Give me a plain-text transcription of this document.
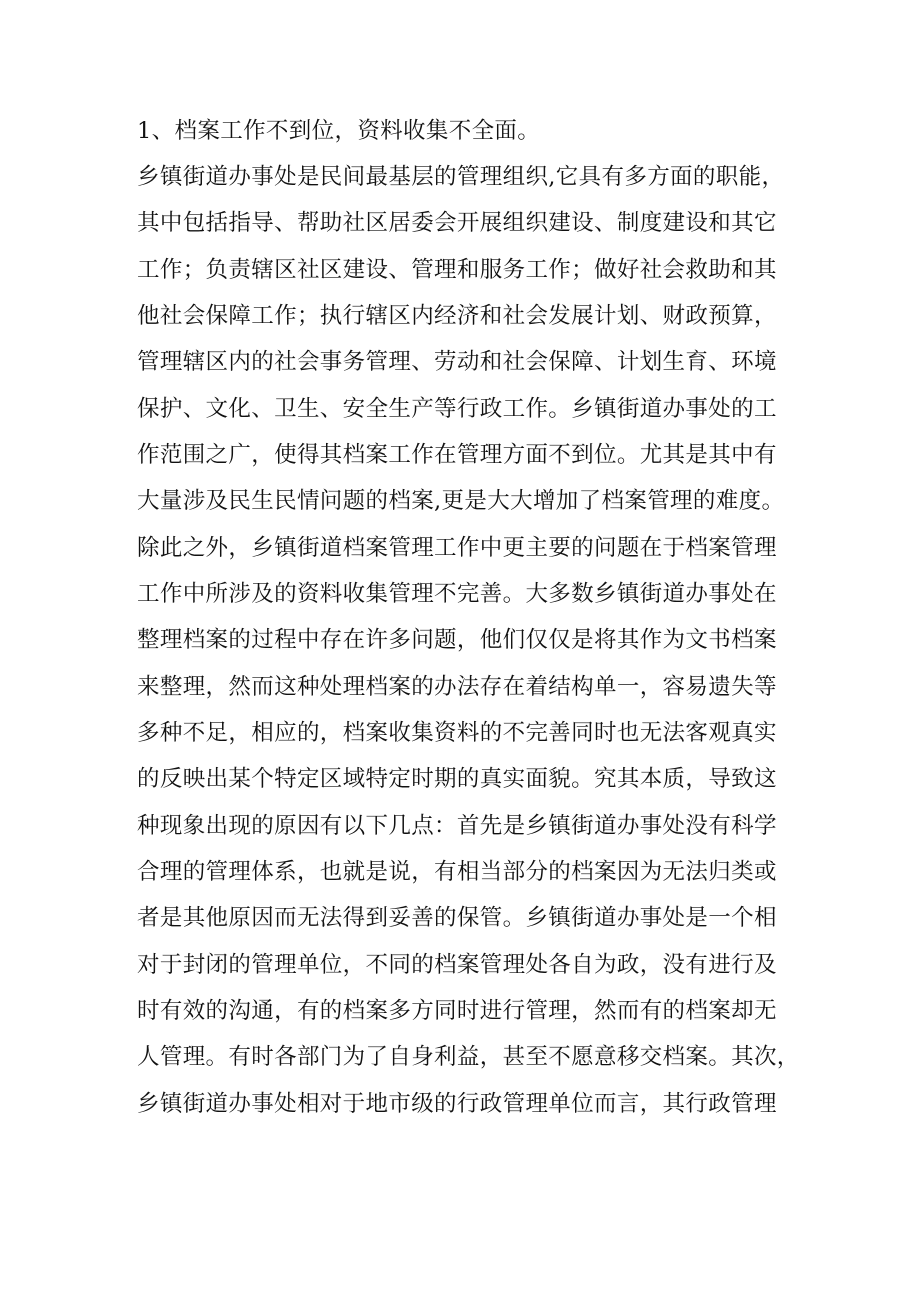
1、档案工作不到位，资料收集不全面。
乡镇街道办事处是民间最基层的管理组织,它具有多方面的职能，
其中包括指导、帮助社区居委会开展组织建设、制度建设和其它
工作；负责辖区社区建设、管理和服务工作；做好社会救助和其
他社会保障工作；执行辖区内经济和社会发展计划、财政预算，
管理辖区内的社会事务管理、劳动和社会保障、计划生育、环境
保护、文化、卫生、安全生产等行政工作。乡镇街道办事处的工
作范围之广，使得其档案工作在管理方面不到位。尤其是其中有
大量涉及民生民情问题的档案,更是大大增加了档案管理的难度。
除此之外，乡镇街道档案管理工作中更主要的问题在于档案管理
工作中所涉及的资料收集管理不完善。大多数乡镇街道办事处在
整理档案的过程中存在许多问题，他们仅仅是将其作为文书档案
来整理，然而这种处理档案的办法存在着结构单一，容易遗失等
多种不足，相应的，档案收集资料的不完善同时也无法客观真实
的反映出某个特定区域特定时期的真实面貌。究其本质，导致这
种现象出现的原因有以下几点：首先是乡镇街道办事处没有科学
合理的管理体系，也就是说，有相当部分的档案因为无法归类或
者是其他原因而无法得到妥善的保管。乡镇街道办事处是一个相
对于封闭的管理单位，不同的档案管理处各自为政，没有进行及
时有效的沟通，有的档案多方同时进行管理，然而有的档案却无
人管理。有时各部门为了自身利益，甚至不愿意移交档案。其次，
乡镇街道办事处相对于地市级的行政管理单位而言，其行政管理
